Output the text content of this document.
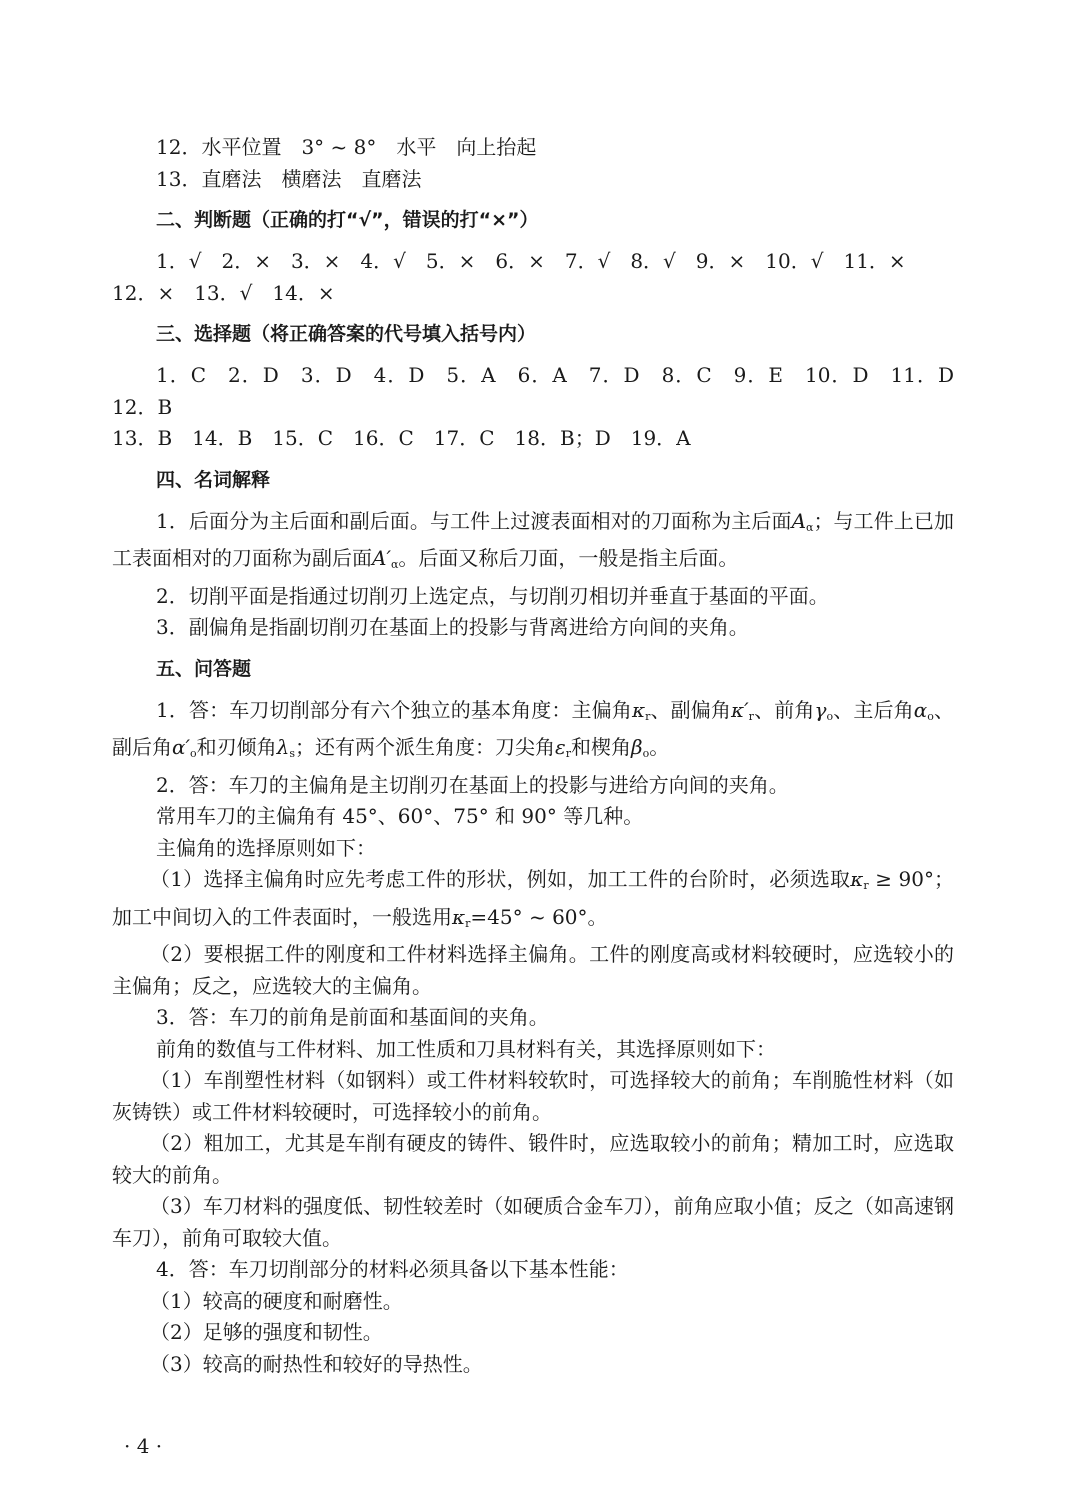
12．水平位置　3° ~ 8°　水平　向上抬起

13．直磨法　横磨法　直磨法

二、判断题（正确的打“√”，错误的打“×”）

1．√　2．×　3．×　4．√　5．×　6．×　7．√　8．√　9．×　10．√　11．×

12．×　13．√　14．×

三、选择题（将正确答案的代号填入括号内）

1．C　2．D　3．D　4．D　5．A　6．A　7．D　8．C　9．E　10．D　11．D　12．B

13．B　14．B　15．C　16．C　17．C　18．B；D　19．A

四、名词解释

1．后面分为主后面和副后面。与工件上过渡表面相对的刀面称为主后面$A_\alpha$；与工件上已加工表面相对的刀面称为副后面$A'_\alpha$。后面又称后刀面，一般是指主后面。

2．切削平面是指通过切削刃上选定点，与切削刃相切并垂直于基面的平面。

3．副偏角是指副切削刃在基面上的投影与背离进给方向间的夹角。

五、问答题

1．答：车刀切削部分有六个独立的基本角度：主偏角$\kappa_r$、副偏角$\kappa'_r$、前角$\gamma_o$、主后角$\alpha_o$、副后角$\alpha'_o$和刃倾角$\lambda_s$；还有两个派生角度：刀尖角$\varepsilon_r$和楔角$\beta_o$。

2．答：车刀的主偏角是主切削刃在基面上的投影与进给方向间的夹角。

常用车刀的主偏角有 45°、60°、75° 和 90° 等几种。

主偏角的选择原则如下：

（1）选择主偏角时应先考虑工件的形状，例如，加工工件的台阶时，必须选取$\kappa_r \ge 90^\circ$；加工中间切入的工件表面时，一般选用$\kappa_r=45^\circ$ ~ 60°。

（2）要根据工件的刚度和工件材料选择主偏角。工件的刚度高或材料较硬时，应选较小的主偏角；反之，应选较大的主偏角。

3．答：车刀的前角是前面和基面间的夹角。

前角的数值与工件材料、加工性质和刀具材料有关，其选择原则如下：

（1）车削塑性材料（如钢料）或工件材料较软时，可选择较大的前角；车削脆性材料（如灰铸铁）或工件材料较硬时，可选择较小的前角。

（2）粗加工，尤其是车削有硬皮的铸件、锻件时，应选取较小的前角；精加工时，应选取较大的前角。

（3）车刀材料的强度低、韧性较差时（如硬质合金车刀），前角应取小值；反之（如高速钢车刀），前角可取较大值。

4．答：车刀切削部分的材料必须具备以下基本性能：

（1）较高的硬度和耐磨性。

（2）足够的强度和韧性。

（3）较高的耐热性和较好的导热性。

· 4 ·
